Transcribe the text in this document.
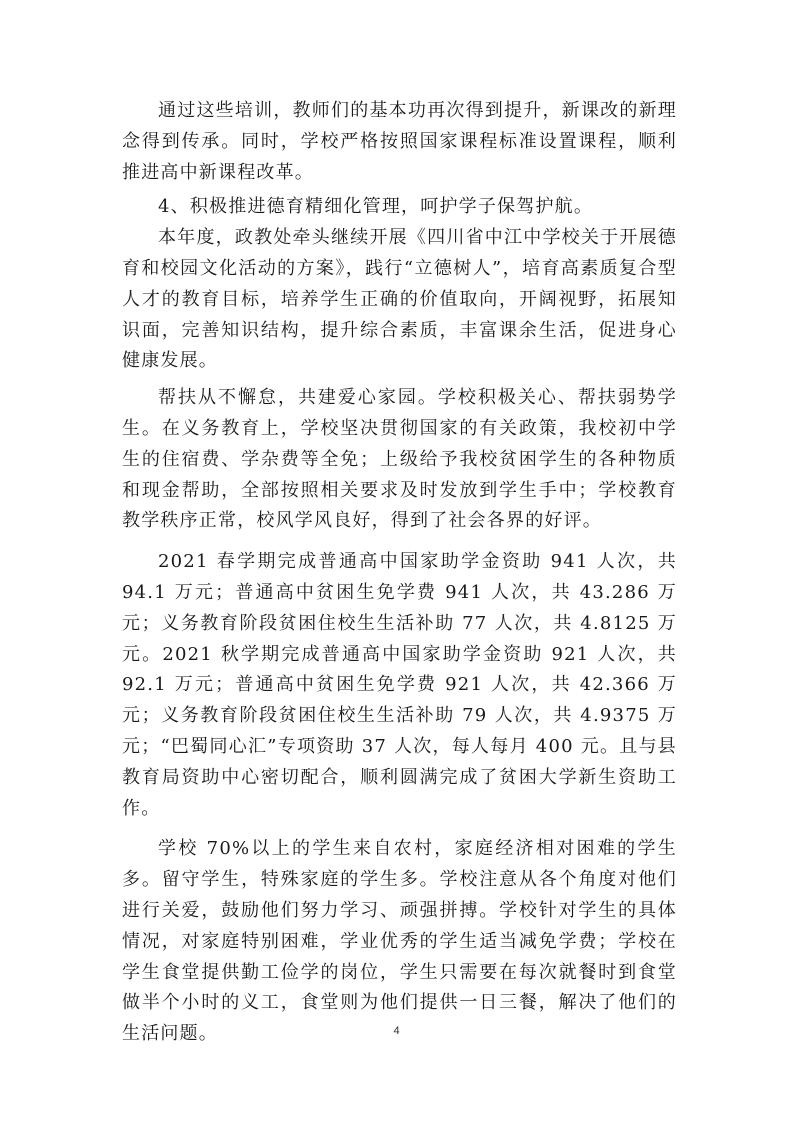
通过这些培训，教师们的基本功再次得到提升，新课改的新理念得到传承。同时，学校严格按照国家课程标准设置课程，顺利推进高中新课程改革。

4、积极推进德育精细化管理，呵护学子保驾护航。

本年度，政教处牵头继续开展《四川省中江中学校关于开展德育和校园文化活动的方案》，践行“立德树人”，培育高素质复合型人才的教育目标，培养学生正确的价值取向，开阔视野，拓展知识面，完善知识结构，提升综合素质，丰富课余生活，促进身心健康发展。

帮扶从不懈怠，共建爱心家园。学校积极关心、帮扶弱势学生。在义务教育上，学校坚决贯彻国家的有关政策，我校初中学生的住宿费、学杂费等全免；上级给予我校贫困学生的各种物质和现金帮助，全部按照相关要求及时发放到学生手中；学校教育教学秩序正常，校风学风良好，得到了社会各界的好评。

2021 春学期完成普通高中国家助学金资助 941 人次，共 94.1 万元；普通高中贫困生免学费 941 人次，共 43.286 万元；义务教育阶段贫困住校生生活补助 77 人次，共 4.8125 万元。2021 秋学期完成普通高中国家助学金资助 921 人次，共 92.1 万元；普通高中贫困生免学费 921 人次，共 42.366 万元；义务教育阶段贫困住校生生活补助 79 人次，共 4.9375 万元；“巴蜀同心汇”专项资助 37 人次，每人每月 400 元。且与县教育局资助中心密切配合，顺利圆满完成了贫困大学新生资助工作。

学校 70%以上的学生来自农村，家庭经济相对困难的学生多。留守学生，特殊家庭的学生多。学校注意从各个角度对他们进行关爱，鼓励他们努力学习、顽强拼搏。学校针对学生的具体情况，对家庭特别困难，学业优秀的学生适当减免学费；学校在学生食堂提供勤工俭学的岗位，学生只需要在每次就餐时到食堂做半个小时的义工，食堂则为他们提供一日三餐，解决了他们的生活问题。	4
